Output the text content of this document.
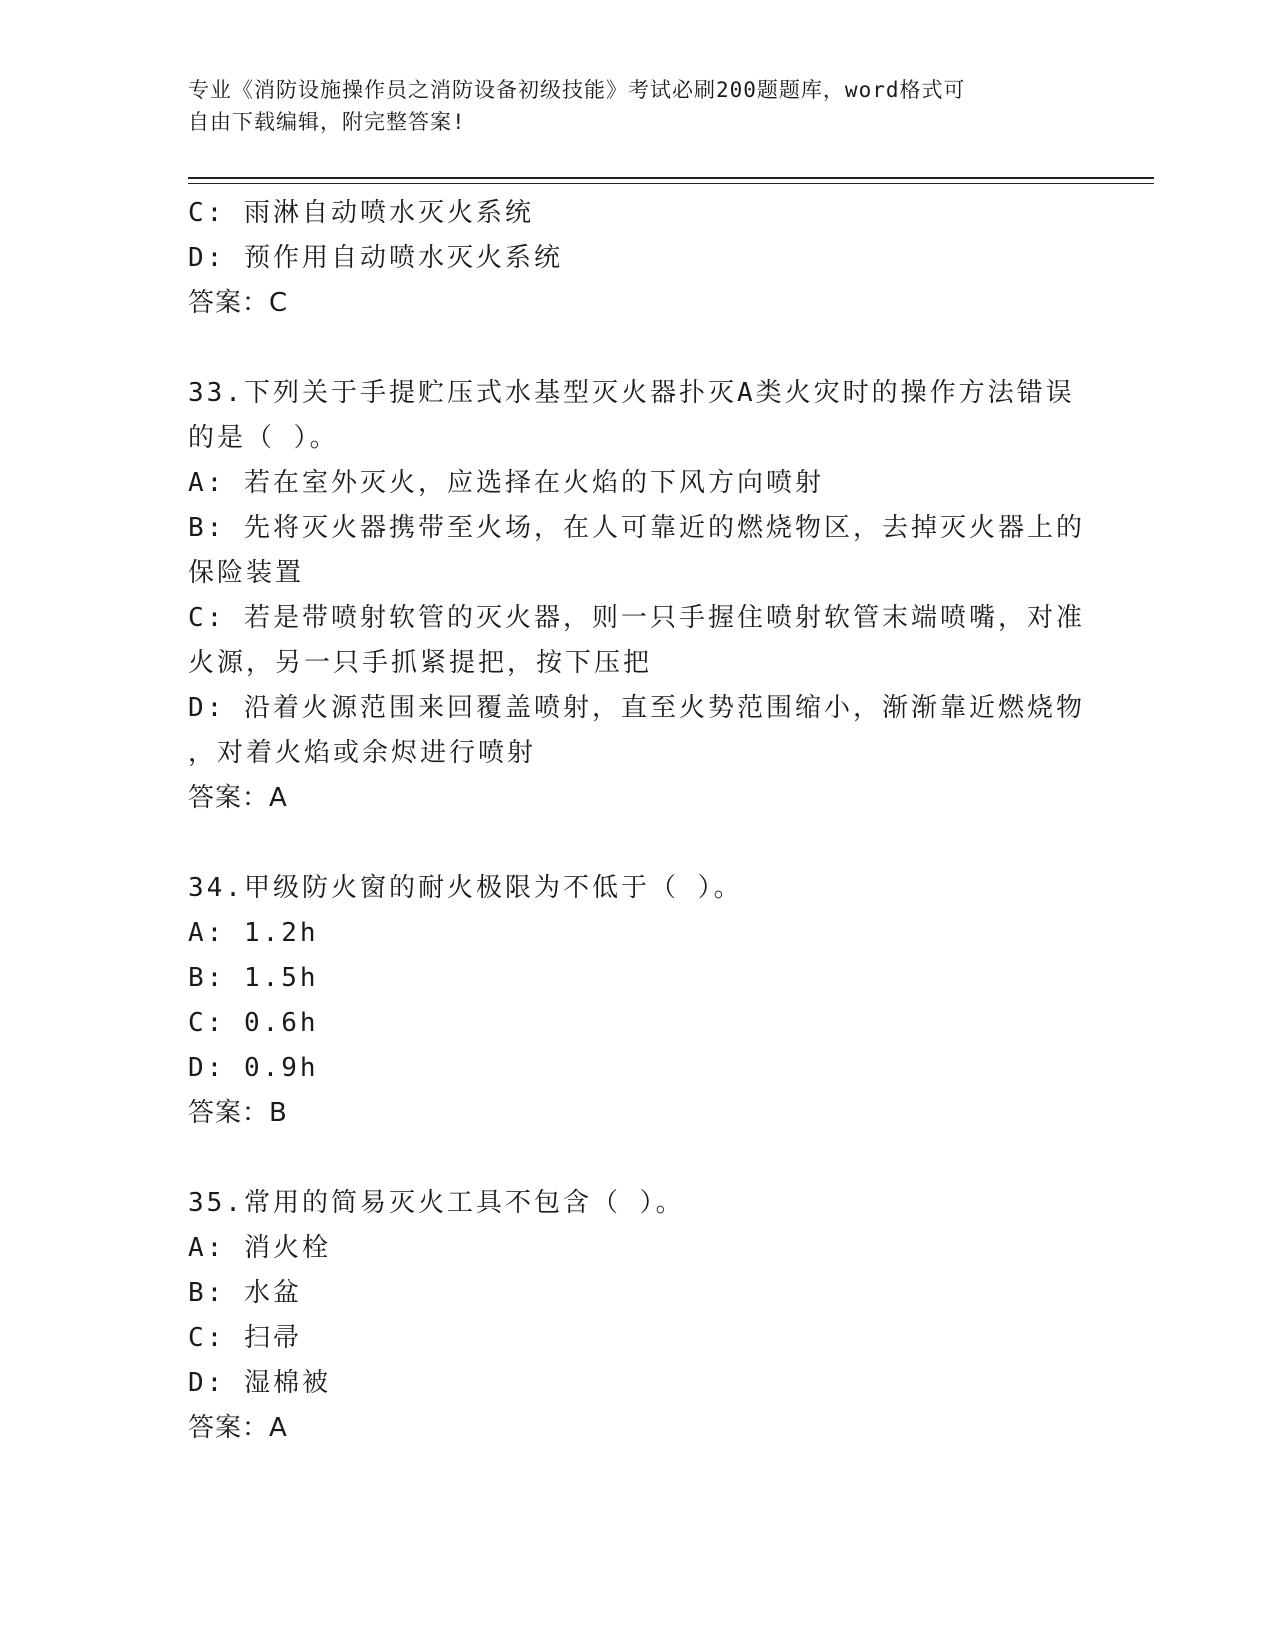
专业《消防设施操作员之消防设备初级技能》考试必刷200题题库，word格式可
自由下载编辑，附完整答案!
C: 雨淋自动喷水灭火系统
D: 预作用自动喷水灭火系统
答案：C
33.下列关于手提贮压式水基型灭火器扑灭A类火灾时的操作方法错误
的是（ ）。
A: 若在室外灭火，应选择在火焰的下风方向喷射
B: 先将灭火器携带至火场，在人可靠近的燃烧物区，去掉灭火器上的
保险装置
C: 若是带喷射软管的灭火器，则一只手握住喷射软管末端喷嘴，对准
火源，另一只手抓紧提把，按下压把
D: 沿着火源范围来回覆盖喷射，直至火势范围缩小，渐渐靠近燃烧物
，对着火焰或余烬进行喷射
答案：A
34.甲级防火窗的耐火极限为不低于（ ）。
A: 1.2h
B: 1.5h
C: 0.6h
D: 0.9h
答案：B
35.常用的简易灭火工具不包含（ ）。
A: 消火栓
B: 水盆
C: 扫帚
D: 湿棉被
答案：A
